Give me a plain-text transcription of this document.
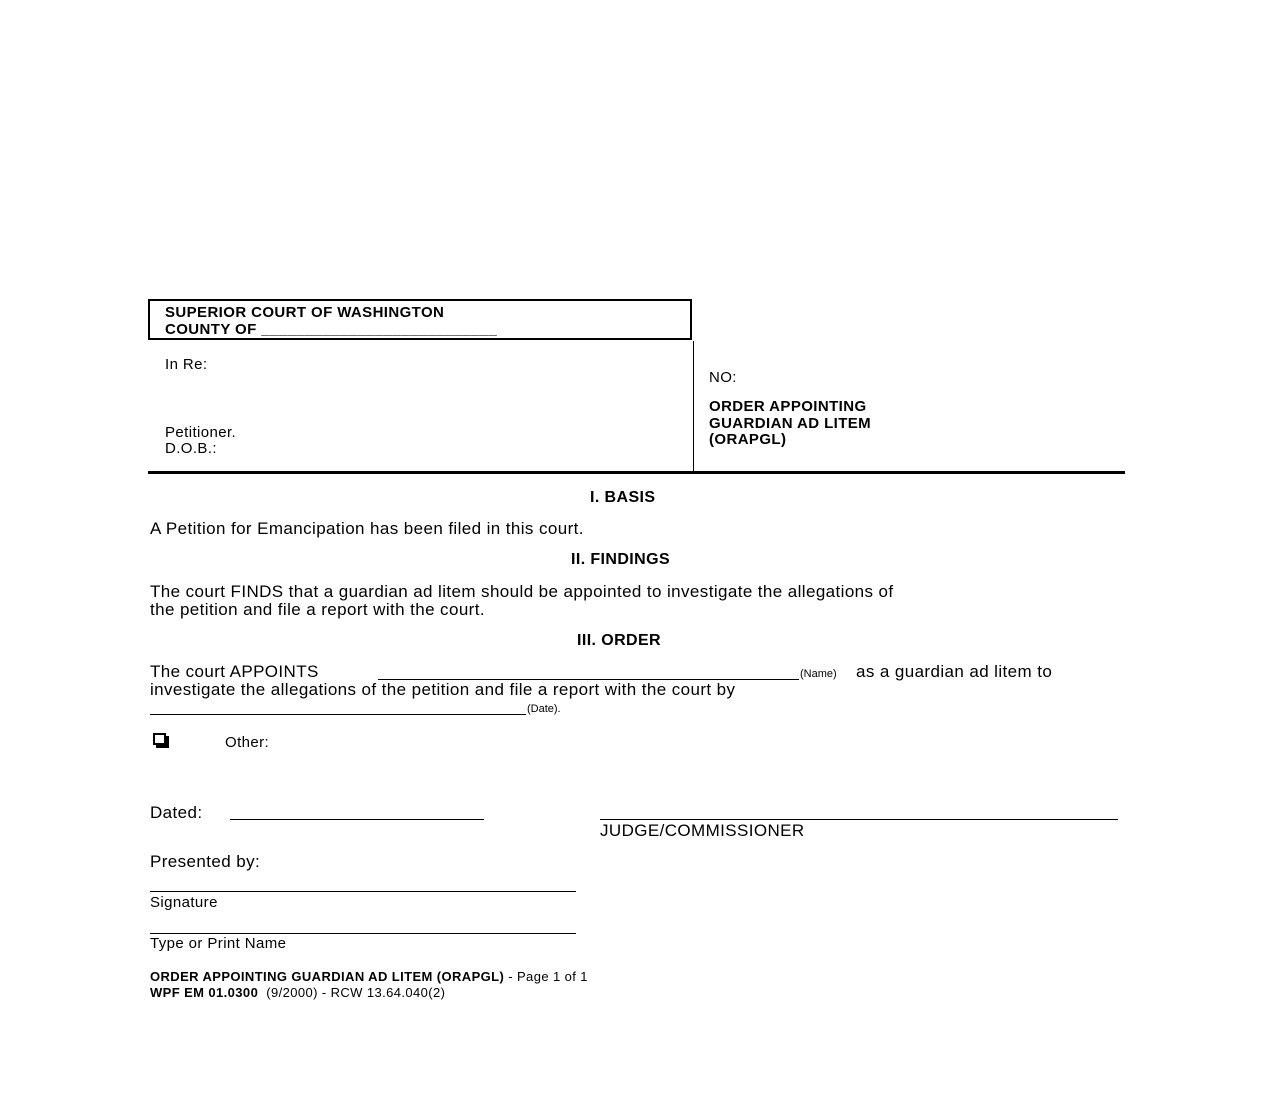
SUPERIOR COURT OF WASHINGTON
COUNTY OF ___________________________
In Re:
Petitioner.
D.O.B.:
NO:
ORDER APPOINTING
GUARDIAN AD LITEM
(ORAPGL)
I. BASIS
A Petition for Emancipation has been filed in this court.
II. FINDINGS
The court FINDS that a guardian ad litem should be appointed to investigate the allegations of
the petition and file a report with the court.
III. ORDER
The court APPOINTS	(Name) as a guardian ad litem to
investigate the allegations of the petition and file a report with the court by
(Date).
Other:
Dated:
JUDGE/COMMISSIONER
Presented by:
Signature
Type or Print Name
ORDER APPOINTING GUARDIAN AD LITEM (ORAPGL) - Page 1 of 1
WPF EM 01.0300  (9/2000) - RCW 13.64.040(2)
